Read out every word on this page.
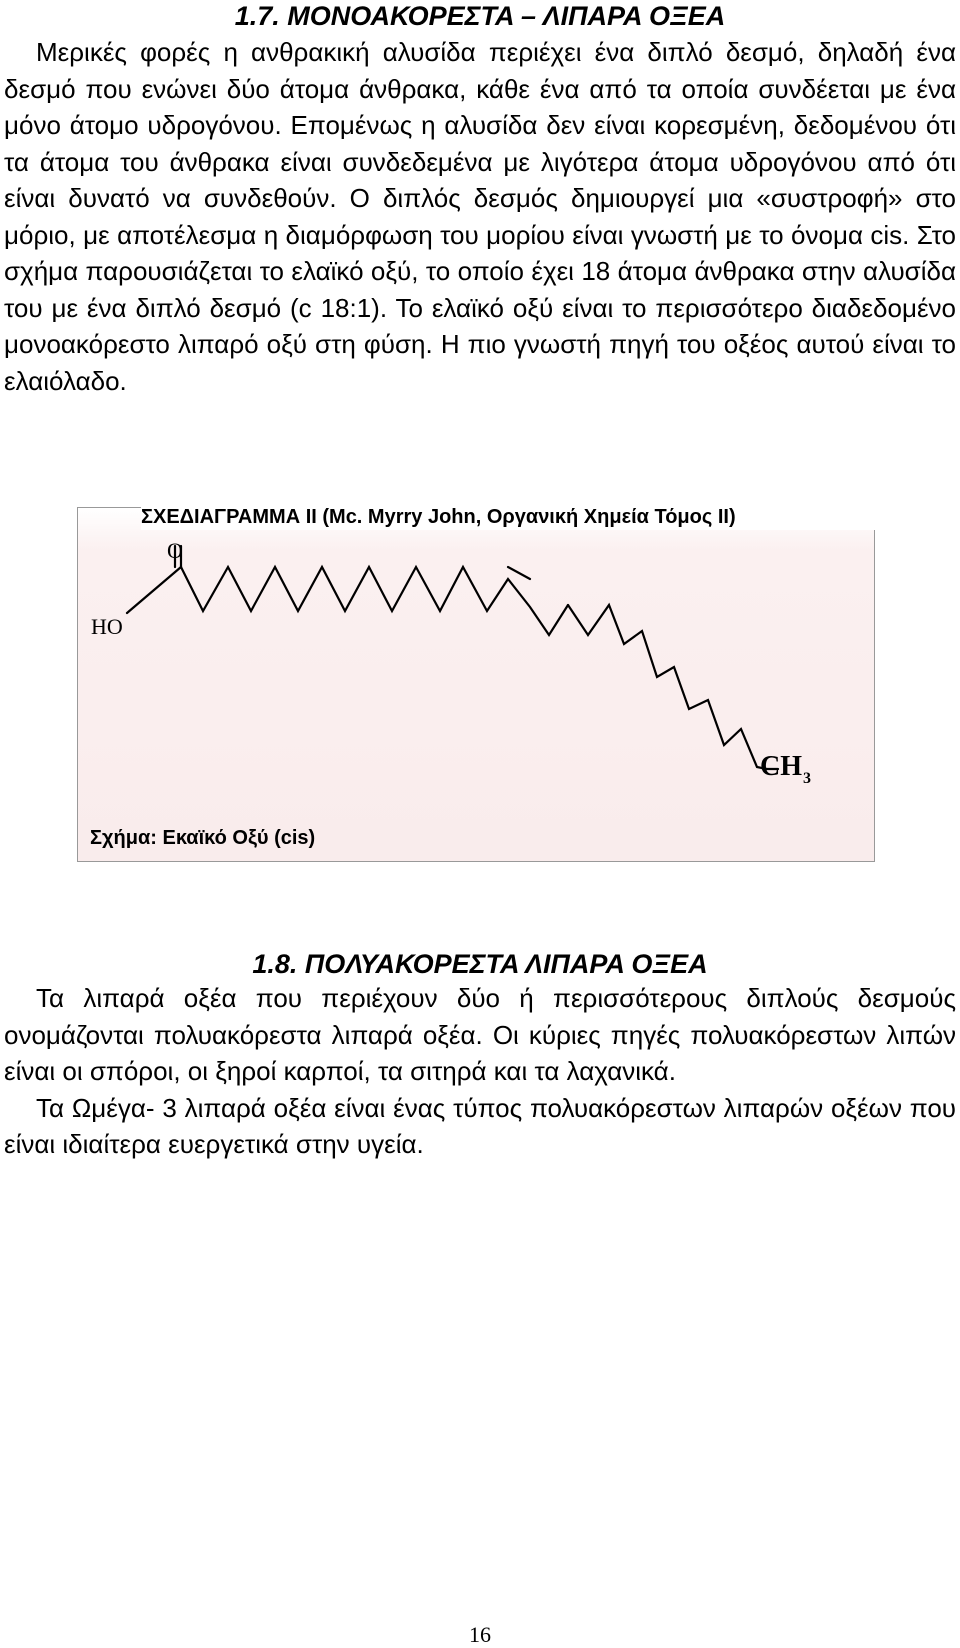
1.7. ΜΟΝΟΑΚΟΡΕΣΤΑ – ΛΙΠΑΡΑ ΟΞΕΑ

Μερικές φορές η ανθρακική αλυσίδα περιέχει ένα διπλό δεσμό, δηλαδή ένα δεσμό που ενώνει δύο άτομα άνθρακα, κάθε ένα από τα οποία συνδέεται με ένα μόνο άτομο υδρογόνου. Επομένως η αλυσίδα δεν είναι κορεσμένη, δεδομένου ότι τα άτομα του άνθρακα είναι συνδεδεμένα με λιγότερα άτομα υδρογόνου από ότι είναι δυνατό να συνδεθούν. Ο διπλός δεσμός δημιουργεί μια «συστροφή» στο μόριο, με αποτέλεσμα η διαμόρφωση του μορίου είναι γνωστή με το όνομα cis. Στο σχήμα παρουσιάζεται το ελαϊκό οξύ, το οποίο έχει 18 άτομα άνθρακα στην αλυσίδα του με ένα διπλό δεσμό (c 18:1). Το ελαϊκό οξύ είναι το περισσότερο διαδεδομένο μονοακόρεστο λιπαρό οξύ στη φύση. Η πιο γνωστή πηγή του οξέος αυτού είναι το ελαιόλαδο.

O
HO
CH 3
ΣΧΕΔΙΑΓΡΑΜΜΑ ΙΙ (Mc. Myrry John, Οργανική Χημεία Τόμος ΙΙ)
Σχήμα: Εκαϊκό Οξύ (cis)
1.8. ΠΟΛΥΑΚΟΡΕΣΤΑ ΛΙΠΑΡΑ ΟΞΕΑ

Τα λιπαρά οξέα που περιέχουν δύο ή περισσότερους διπλούς δεσμούς ονομάζονται πολυακόρεστα λιπαρά οξέα. Οι κύριες πηγές πολυακόρεστων λιπών είναι οι σπόροι, οι ξηροί καρποί, τα σιτηρά και τα λαχανικά.

Τα Ωμέγα- 3 λιπαρά οξέα είναι ένας τύπος πολυακόρεστων λιπαρών οξέων που είναι ιδιαίτερα ευεργετικά στην υγεία.

16
